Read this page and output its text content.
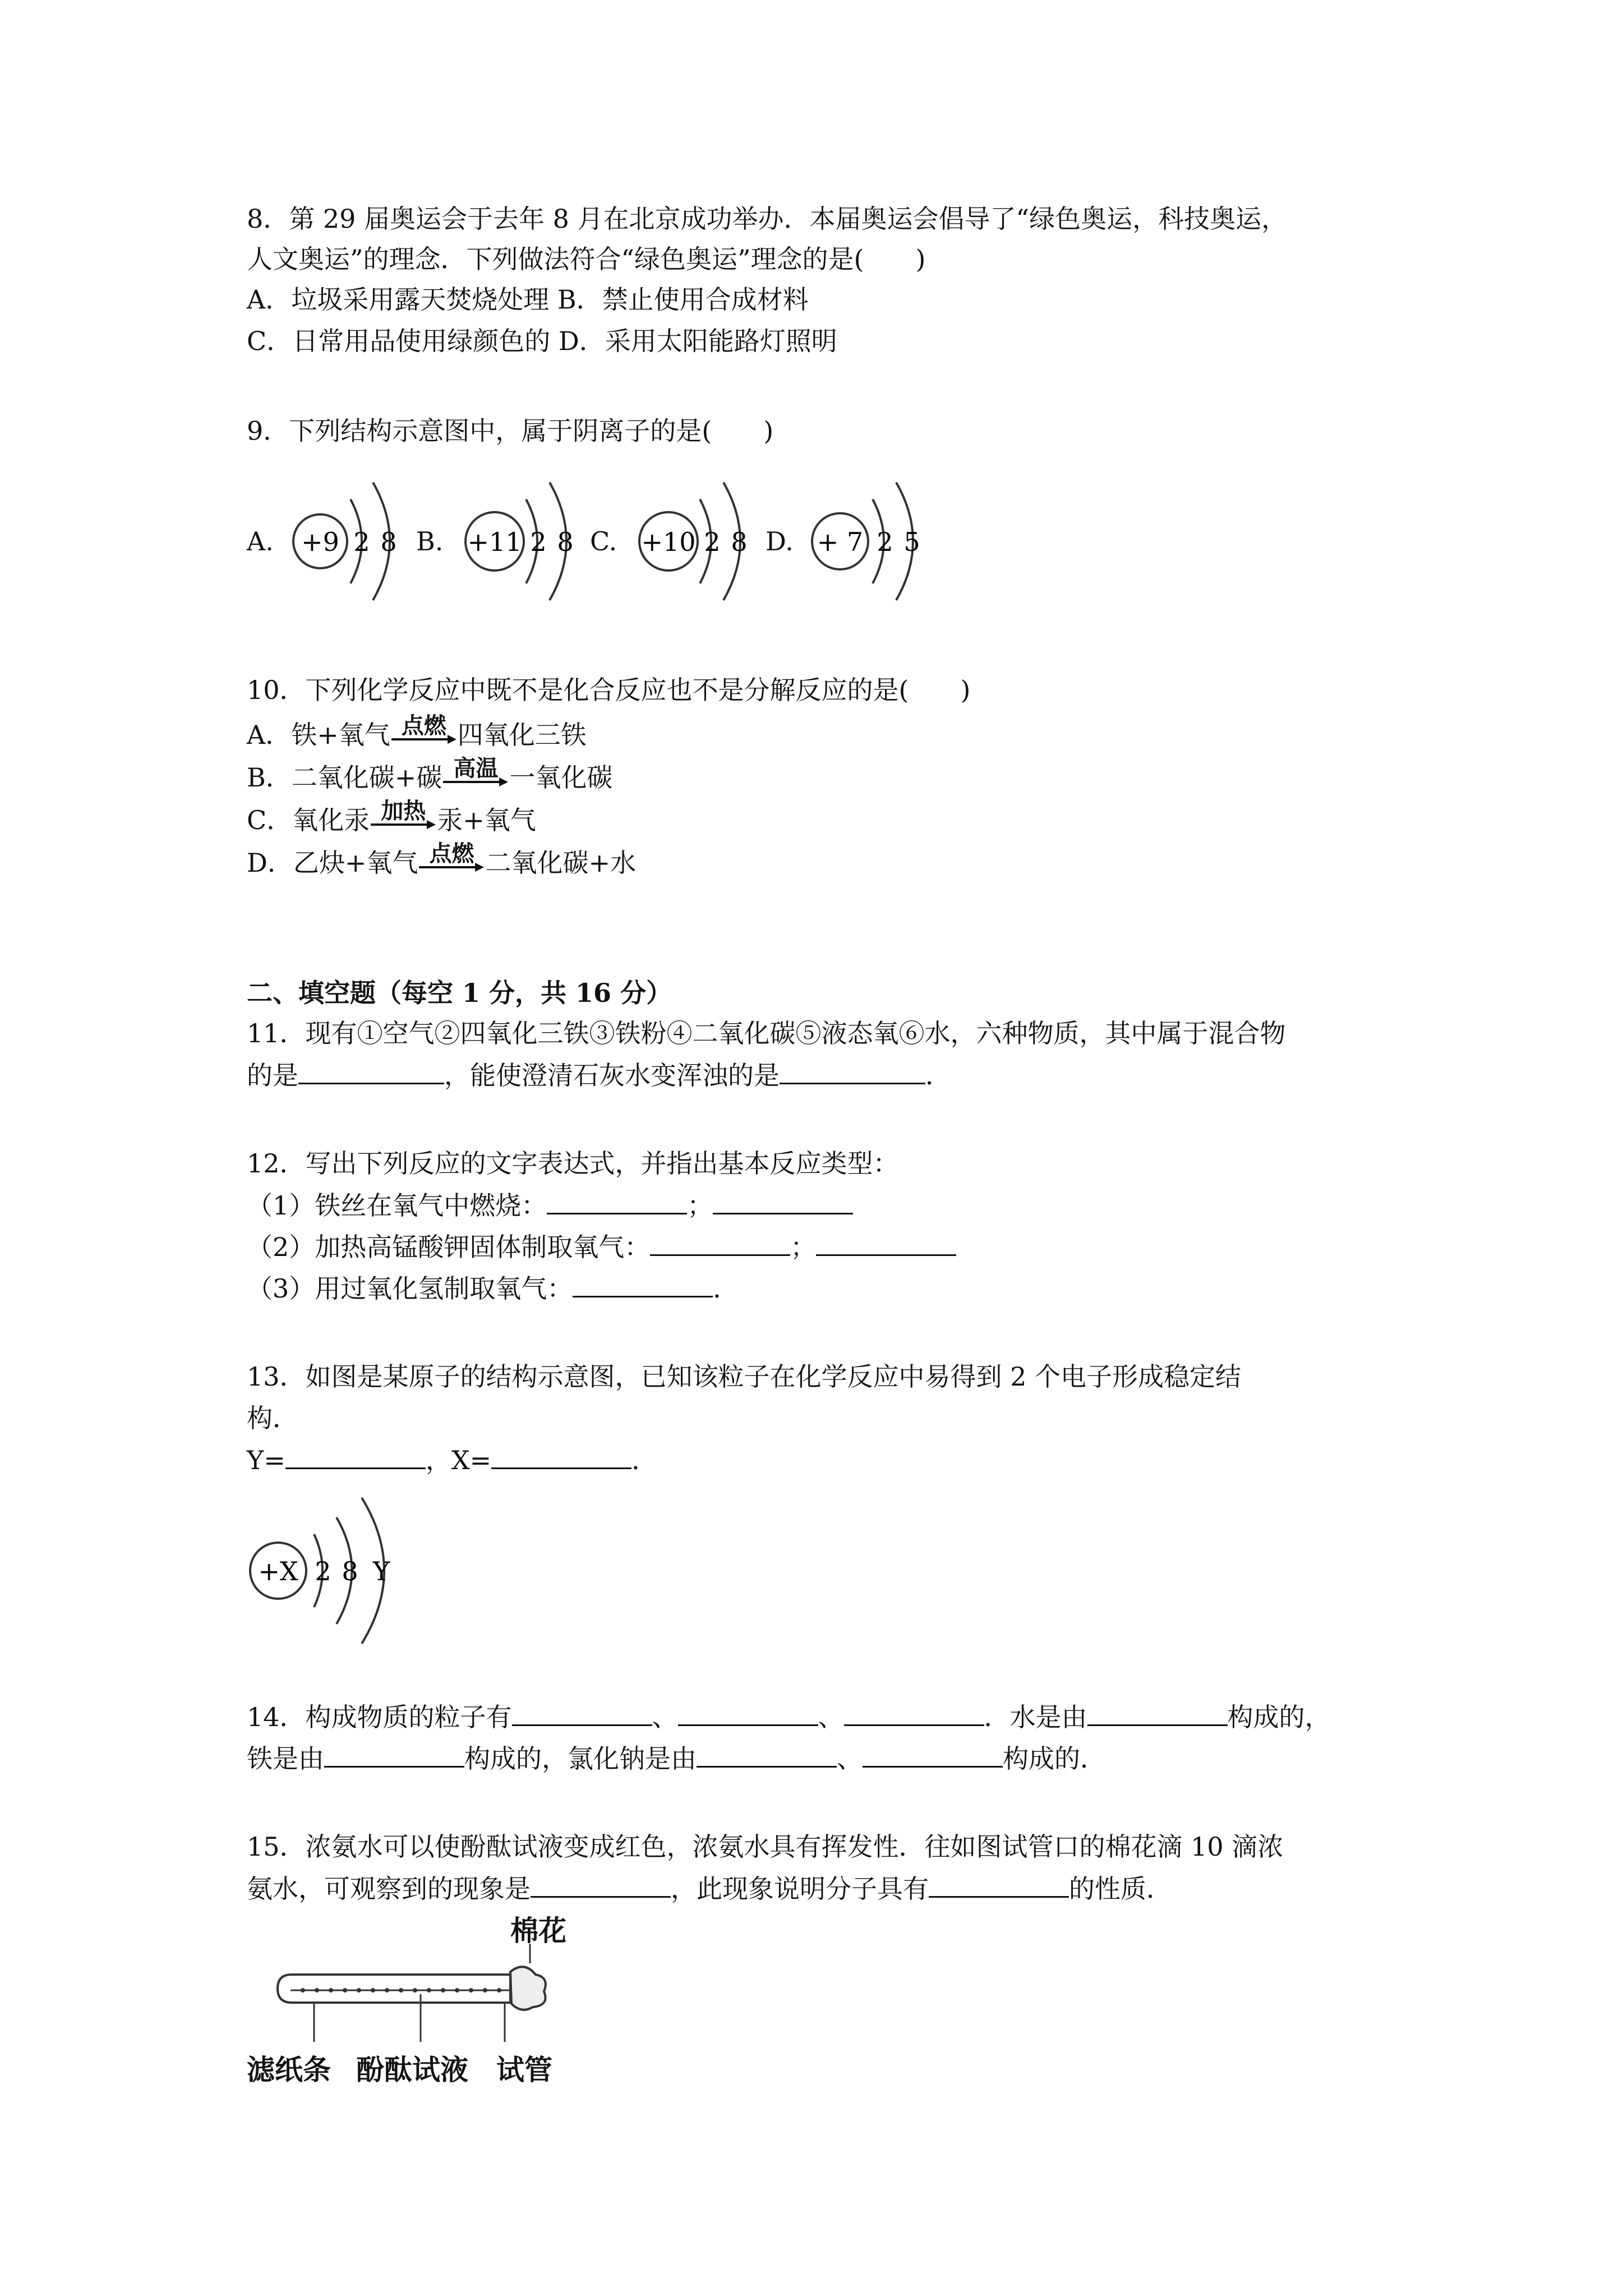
8．第 29 届奥运会于去年 8 月在北京成功举办．本届奥运会倡导了“绿色奥运，科技奥运，
人文奥运”的理念．下列做法符合“绿色奥运”理念的是(　　)
A．垃圾采用露天焚烧处理 B．禁止使用合成材料
C．日常用品使用绿颜色的 D．采用太阳能路灯照明
9．下列结构示意图中，属于阴离子的是(　　)
A. +9 2 8 B. +11 2 8 C. +10 2 8 D. + 7 2 5
10．下列化学反应中既不是化合反应也不是分解反应的是(　　)
A．铁+氧气 点燃 四氧化三铁
B．二氧化碳+碳 高温 一氧化碳
C．氧化汞 加热 汞+氧气
D．乙炔+氧气 点燃 二氧化碳+水
二、填空题（每空 1 分，共 16 分）
11．现有①空气②四氧化三铁③铁粉④二氧化碳⑤液态氧⑥水，六种物质，其中属于混合物
的是	，能使澄清石灰水变浑浊的是	．
12．写出下列反应的文字表达式，并指出基本反应类型：
（1）铁丝在氧气中燃烧：	；
（2）加热高锰酸钾固体制取氧气：	；
（3）用过氧化氢制取氧气：	．
13．如图是某原子的结构示意图，已知该粒子在化学反应中易得到 2 个电子形成稳定结
构．
Y=	，X=	．
+X 2 8 Y
14．构成物质的粒子有	、	、	．水是由	构成的，
铁是由	构成的，氯化钠是由	、	构成的．
15．浓氨水可以使酚酞试液变成红色，浓氨水具有挥发性．往如图试管口的棉花滴 10 滴浓
氨水，可观察到的现象是	，此现象说明分子具有	的性质．
棉花
滤纸条 酚酞试液 试管
